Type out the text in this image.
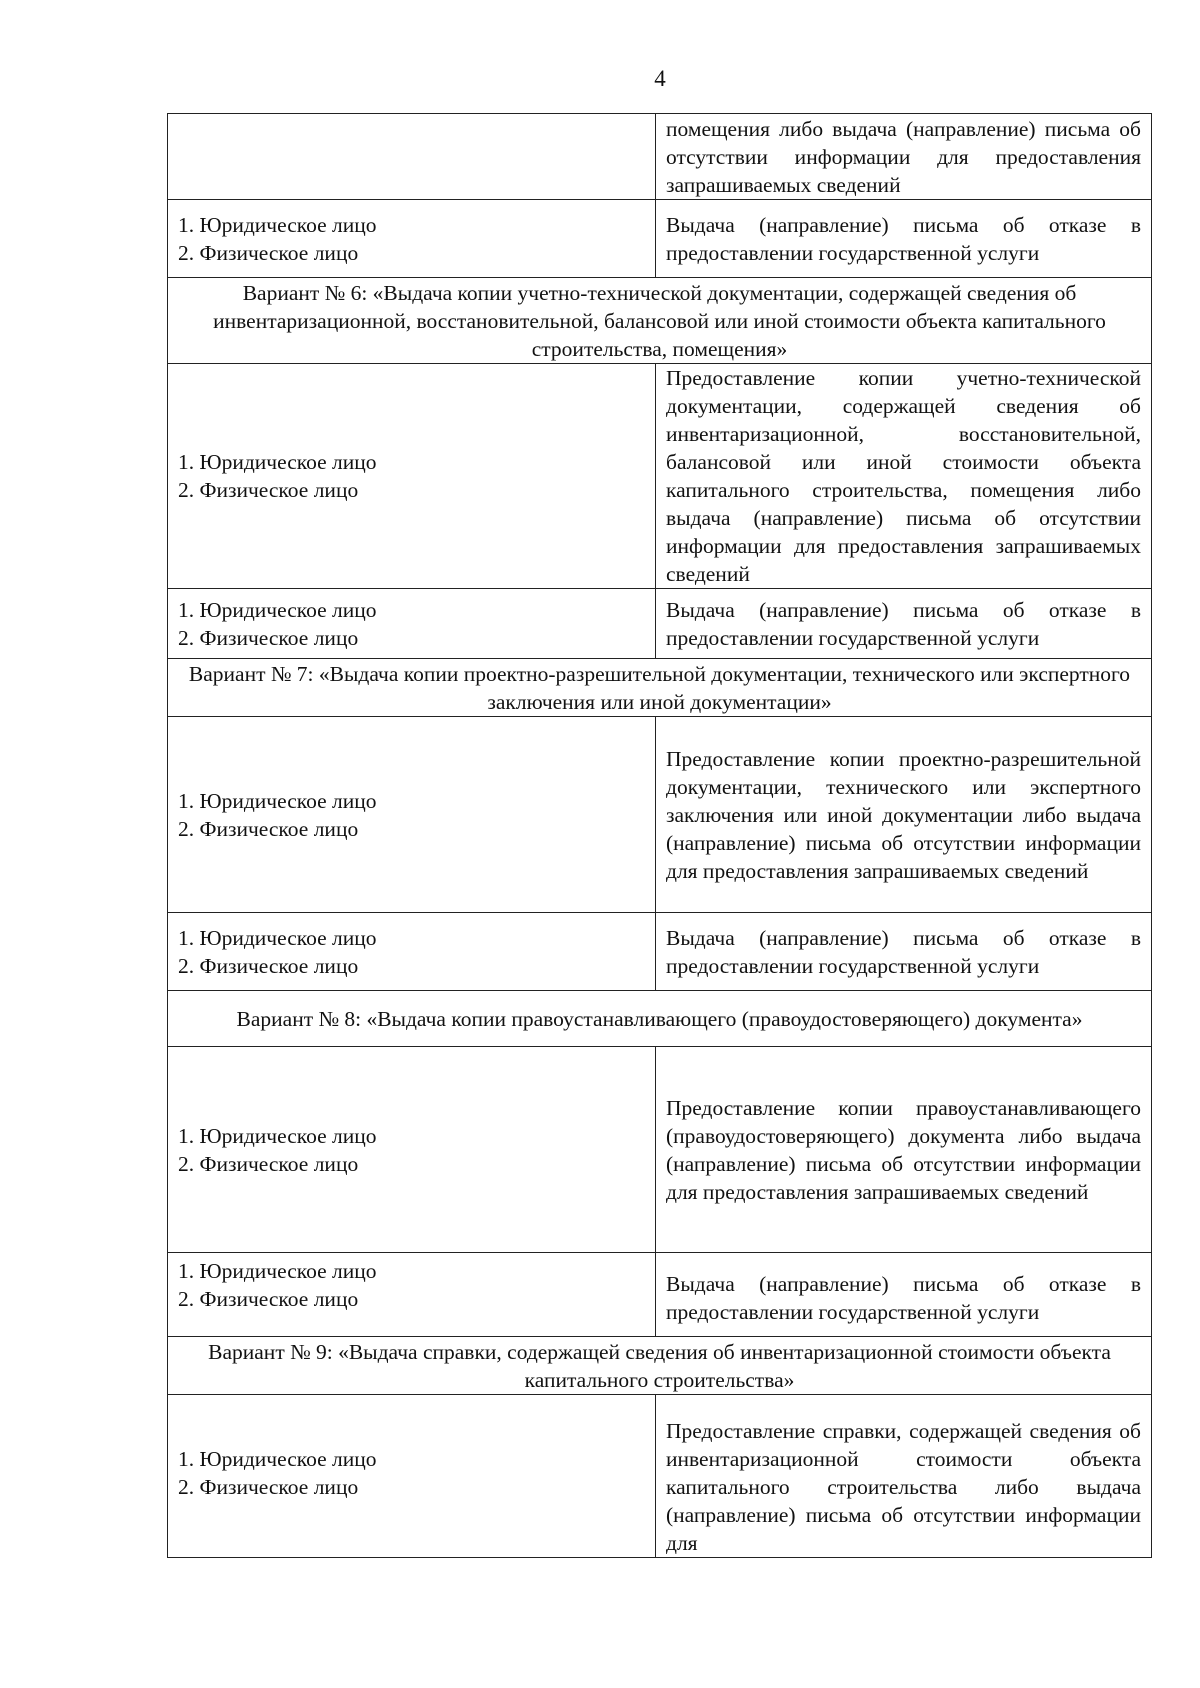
4
	помещения либо выдача (направление) письма об отсутствии информации для предоставления запрашиваемых сведений

1. Юридическое лицо
2. Физическое лицо	Выдача (направление) письма об отказе в предоставлении государственной услуги
Вариант № 6: «Выдача копии учетно-технической документации, содержащей сведения об инвентаризационной, восстановительной, балансовой или иной стоимости объекта капитального строительства, помещения»	

1. Юридическое лицо
2. Физическое лицо	Предоставление копии учетно-технической документации, содержащей сведения об инвентаризационной, восстановительной, балансовой или иной стоимости объекта капитального строительства, помещения либо выдача (направление) письма об отсутствии информации для предоставления запрашиваемых сведений

1. Юридическое лицо
2. Физическое лицо	Выдача (направление) письма об отказе в предоставлении государственной услуги
Вариант № 7: «Выдача копии проектно-разрешительной документации, технического или экспертного заключения или иной документации»	

1. Юридическое лицо
2. Физическое лицо	Предоставление копии проектно-разрешительной документации, технического или экспертного заключения или иной документации либо выдача (направление) письма об отсутствии информации для предоставления запрашиваемых сведений

1. Юридическое лицо
2. Физическое лицо	Выдача (направление) письма об отказе в предоставлении государственной услуги
Вариант № 8: «Выдача копии правоустанавливающего (правоудостоверяющего) документа»	

1. Юридическое лицо
2. Физическое лицо	Предоставление копии правоустанавливающего (правоудостоверяющего) документа либо выдача (направление) письма об отсутствии информации для предоставления запрашиваемых сведений

1. Юридическое лицо
2. Физическое лицо	Выдача (направление) письма об отказе в предоставлении государственной услуги
Вариант № 9: «Выдача справки, содержащей сведения об инвентаризационной стоимости объекта капитального строительства»	

1. Юридическое лицо
2. Физическое лицо	Предоставление справки, содержащей сведения об инвентаризационной стоимости объекта капитального строительства либо выдача (направление) письма об отсутствии информации для
